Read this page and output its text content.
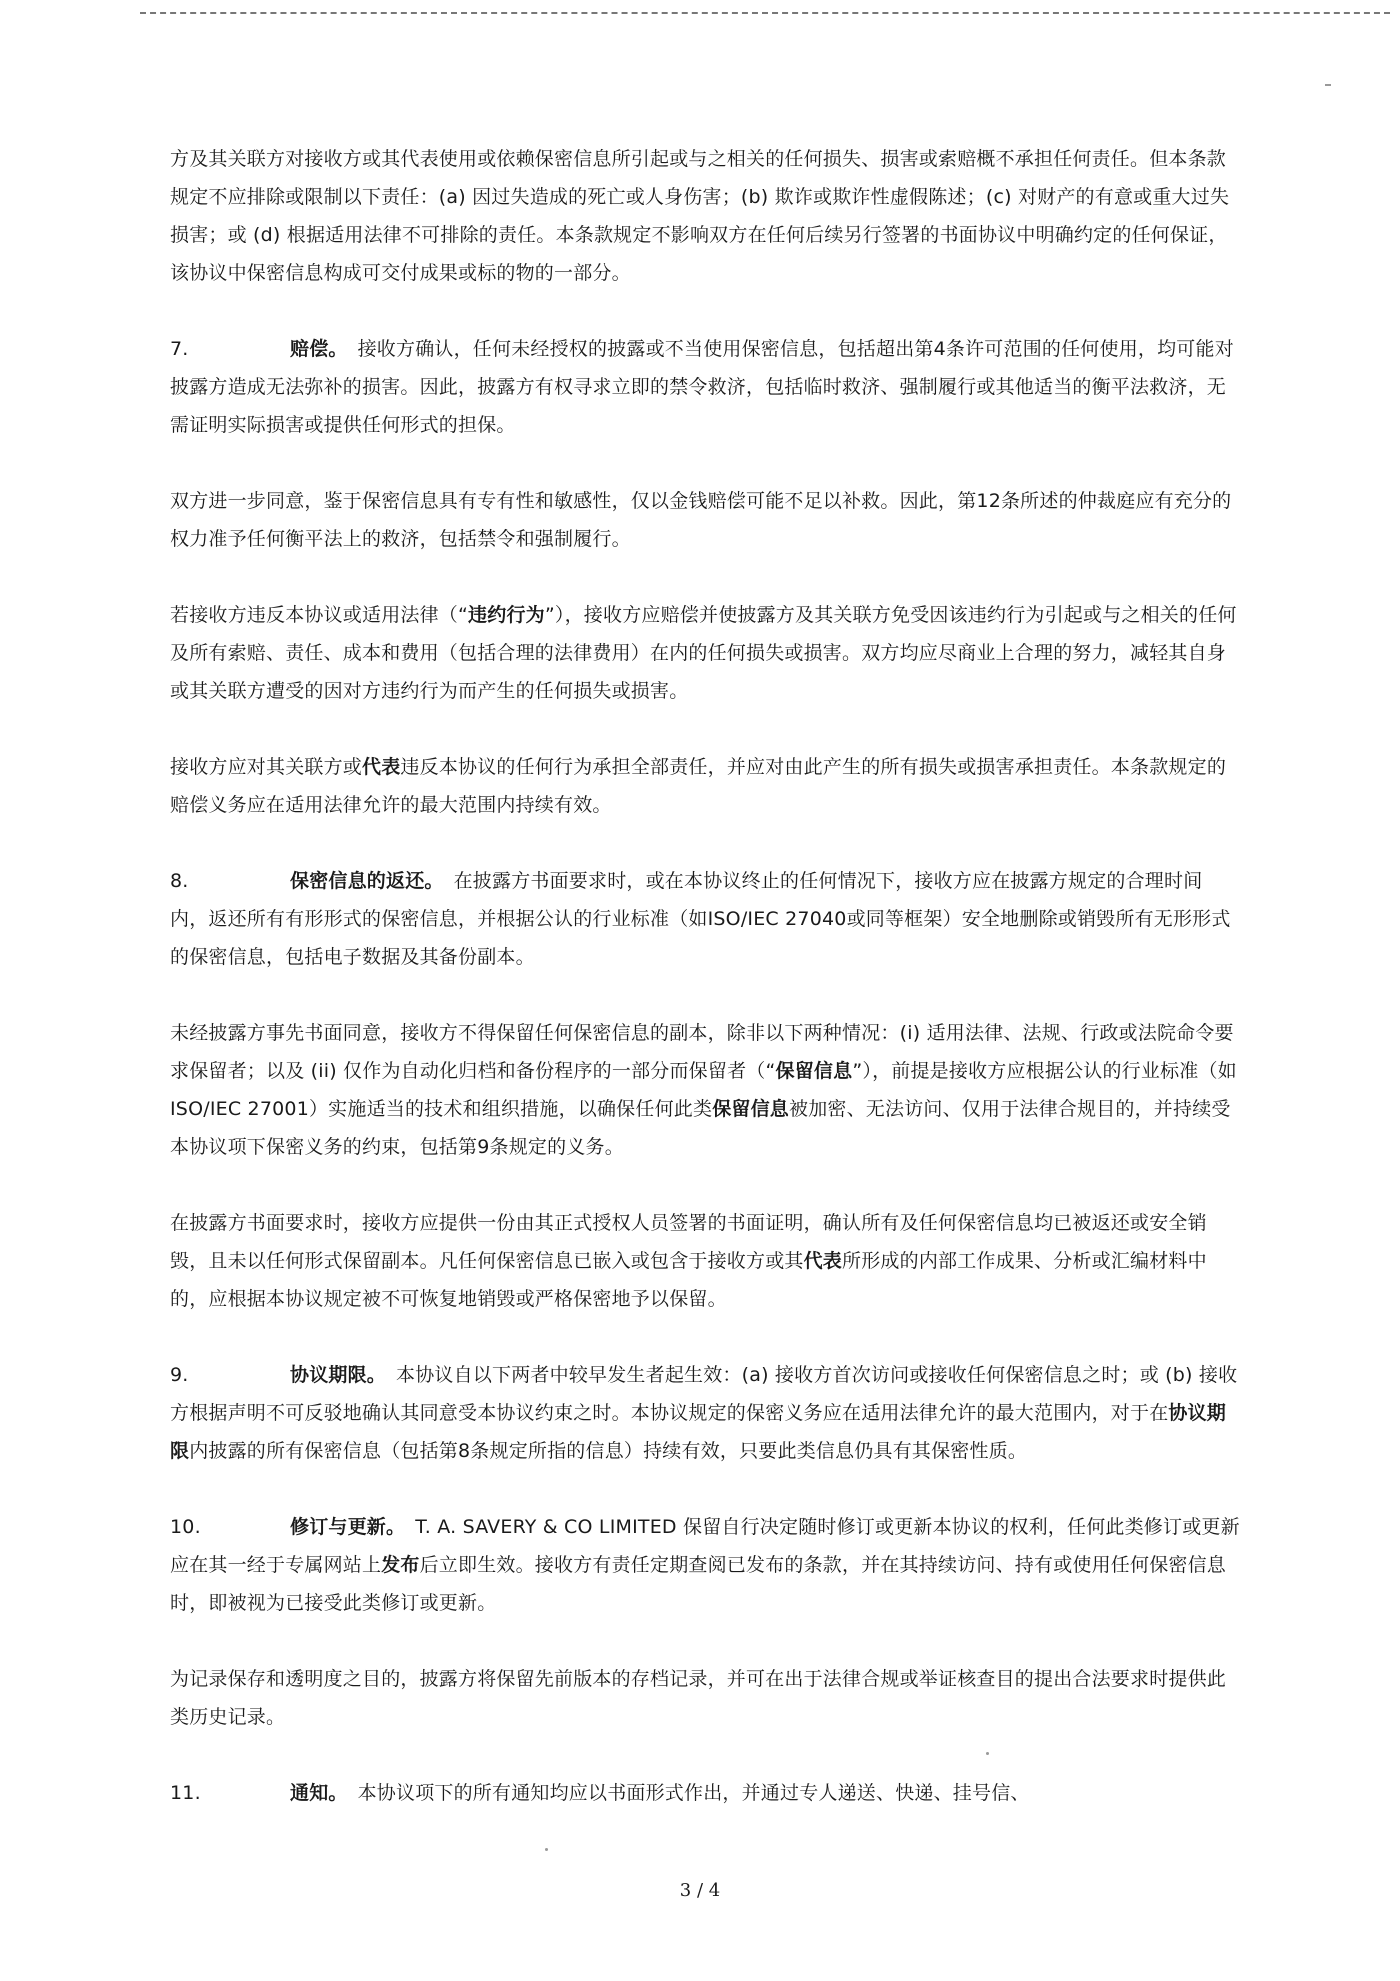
方及其关联方对接收方或其代表使用或依赖保密信息所引起或与之相关的任何损失、损害或索赔概不承担任何责任。但本条款规定不应排除或限制以下责任：(a) 因过失造成的死亡或人身伤害；(b) 欺诈或欺诈性虚假陈述；(c) 对财产的有意或重大过失损害；或 (d) 根据适用法律不可排除的责任。本条款规定不影响双方在任何后续另行签署的书面协议中明确约定的任何保证，该协议中保密信息构成可交付成果或标的物的一部分。

7.	赔偿。 接收方确认，任何未经授权的披露或不当使用保密信息，包括超出第4条许可范围的任何使用，均可能对披露方造成无法弥补的损害。因此，披露方有权寻求立即的禁令救济，包括临时救济、强制履行或其他适当的衡平法救济，无需证明实际损害或提供任何形式的担保。

双方进一步同意，鉴于保密信息具有专有性和敏感性，仅以金钱赔偿可能不足以补救。因此，第12条所述的仲裁庭应有充分的权力准予任何衡平法上的救济，包括禁令和强制履行。

若接收方违反本协议或适用法律（“违约行为”），接收方应赔偿并使披露方及其关联方免受因该违约行为引起或与之相关的任何及所有索赔、责任、成本和费用（包括合理的法律费用）在内的任何损失或损害。双方均应尽商业上合理的努力，减轻其自身或其关联方遭受的因对方违约行为而产生的任何损失或损害。

接收方应对其关联方或代表违反本协议的任何行为承担全部责任，并应对由此产生的所有损失或损害承担责任。本条款规定的赔偿义务应在适用法律允许的最大范围内持续有效。

8.	保密信息的返还。 在披露方书面要求时，或在本协议终止的任何情况下，接收方应在披露方规定的合理时间内，返还所有有形形式的保密信息，并根据公认的行业标准（如ISO/IEC 27040或同等框架）安全地删除或销毁所有无形形式的保密信息，包括电子数据及其备份副本。

未经披露方事先书面同意，接收方不得保留任何保密信息的副本，除非以下两种情况：(i) 适用法律、法规、行政或法院命令要求保留者；以及 (ii) 仅作为自动化归档和备份程序的一部分而保留者（“保留信息”），前提是接收方应根据公认的行业标准（如ISO/IEC 27001）实施适当的技术和组织措施，以确保任何此类保留信息被加密、无法访问、仅用于法律合规目的，并持续受本协议项下保密义务的约束，包括第9条规定的义务。

在披露方书面要求时，接收方应提供一份由其正式授权人员签署的书面证明，确认所有及任何保密信息均已被返还或安全销毁，且未以任何形式保留副本。凡任何保密信息已嵌入或包含于接收方或其代表所形成的内部工作成果、分析或汇编材料中的，应根据本协议规定被不可恢复地销毁或严格保密地予以保留。

9.	协议期限。 本协议自以下两者中较早发生者起生效：(a) 接收方首次访问或接收任何保密信息之时；或 (b) 接收方根据声明不可反驳地确认其同意受本协议约束之时。本协议规定的保密义务应在适用法律允许的最大范围内，对于在协议期限内披露的所有保密信息（包括第8条规定所指的信息）持续有效，只要此类信息仍具有其保密性质。

10.	修订与更新。 T. A. SAVERY & CO LIMITED 保留自行决定随时修订或更新本协议的权利，任何此类修订或更新应在其一经于专属网站上发布后立即生效。接收方有责任定期查阅已发布的条款，并在其持续访问、持有或使用任何保密信息时，即被视为已接受此类修订或更新。

为记录保存和透明度之目的，披露方将保留先前版本的存档记录，并可在出于法律合规或举证核查目的提出合法要求时提供此类历史记录。

11.	通知。 本协议项下的所有通知均应以书面形式作出，并通过专人递送、快递、挂号信、

3 / 4
